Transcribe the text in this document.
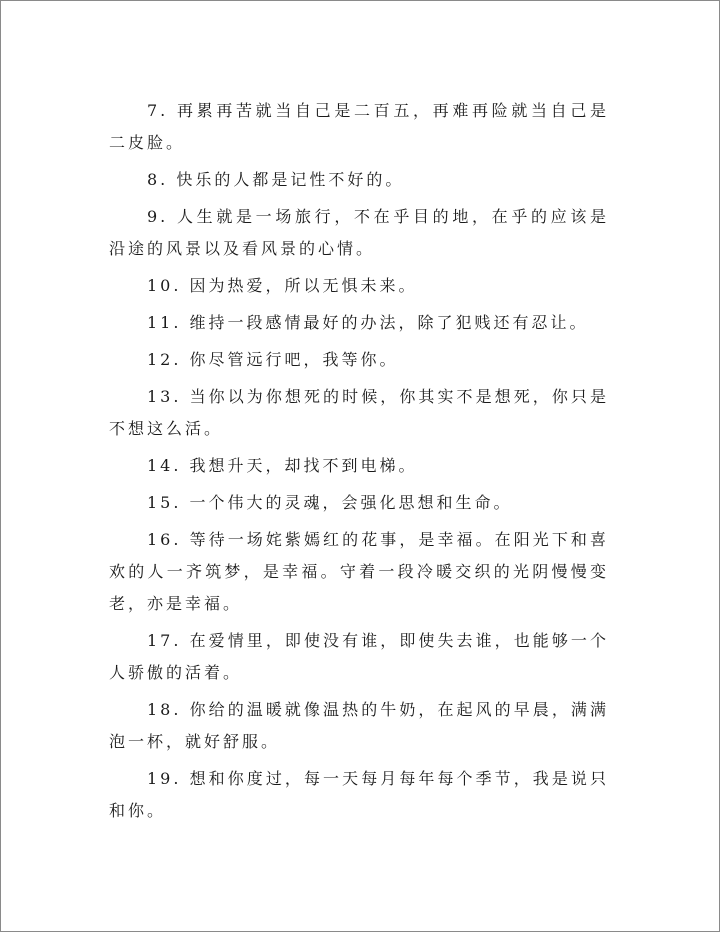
7. 再累再苦就当自己是二百五，再难再险就当自己是二皮脸。

8. 快乐的人都是记性不好的。

9. 人生就是一场旅行，不在乎目的地，在乎的应该是沿途的风景以及看风景的心情。

10. 因为热爱，所以无惧未来。

11. 维持一段感情最好的办法，除了犯贱还有忍让。

12. 你尽管远行吧，我等你。

13. 当你以为你想死的时候，你其实不是想死，你只是不想这么活。

14. 我想升天，却找不到电梯。

15. 一个伟大的灵魂，会强化思想和生命。

16. 等待一场姹紫嫣红的花事，是幸福。在阳光下和喜欢的人一齐筑梦，是幸福。守着一段冷暖交织的光阴慢慢变老，亦是幸福。

17. 在爱情里，即使没有谁，即使失去谁，也能够一个人骄傲的活着。

18. 你给的温暖就像温热的牛奶，在起风的早晨，满满泡一杯，就好舒服。

19. 想和你度过，每一天每月每年每个季节，我是说只和你。
